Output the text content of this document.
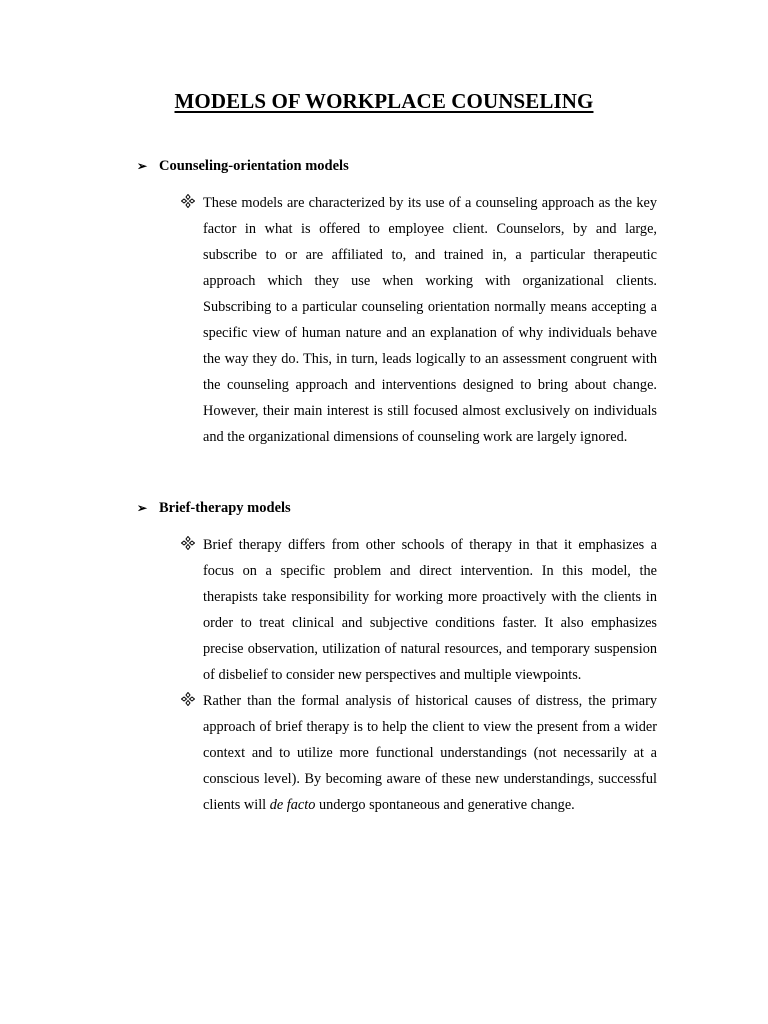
MODELS OF WORKPLACE COUNSELING
➢ Counseling-orientation models
These models are characterized by its use of a counseling approach as the key factor in what is offered to employee client. Counselors, by and large, subscribe to or are affiliated to, and trained in, a particular therapeutic approach which they use when working with organizational clients. Subscribing to a particular counseling orientation normally means accepting a specific view of human nature and an explanation of why individuals behave the way they do. This, in turn, leads logically to an assessment congruent with the counseling approach and interventions designed to bring about change. However, their main interest is still focused almost exclusively on individuals and the organizational dimensions of counseling work are largely ignored.
➢ Brief-therapy models
Brief therapy differs from other schools of therapy in that it emphasizes a focus on a specific problem and direct intervention. In this model, the therapists take responsibility for working more proactively with the clients in order to treat clinical and subjective conditions faster. It also emphasizes precise observation, utilization of natural resources, and temporary suspension of disbelief to consider new perspectives and multiple viewpoints.
Rather than the formal analysis of historical causes of distress, the primary approach of brief therapy is to help the client to view the present from a wider context and to utilize more functional understandings (not necessarily at a conscious level). By becoming aware of these new understandings, successful clients will de facto undergo spontaneous and generative change.
